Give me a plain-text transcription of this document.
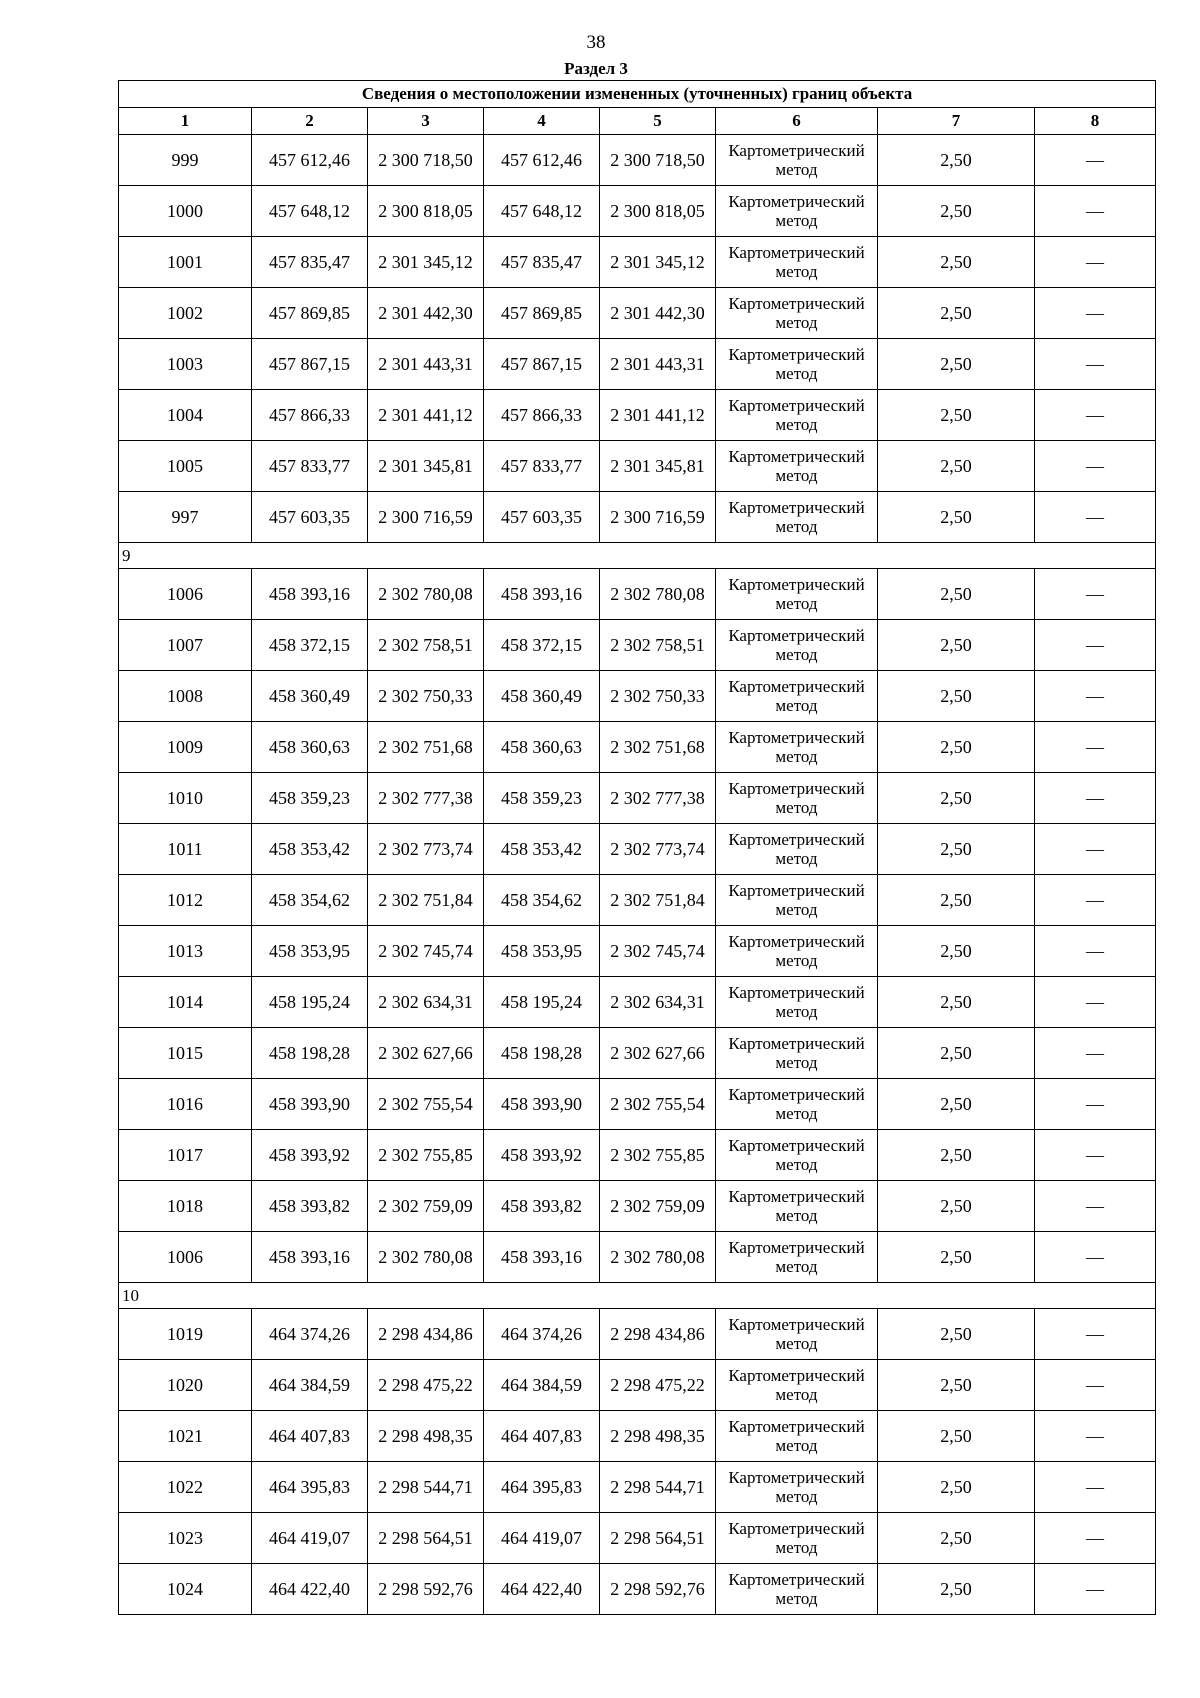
38
Раздел 3
Сведения о местоположении измененных (уточненных) границ объекта							
1	2	3	4	5	6	7	8
999	457 612,46	2 300 718,50	457 612,46	2 300 718,50	Картометрический метод	2,50	—
1000	457 648,12	2 300 818,05	457 648,12	2 300 818,05	Картометрический метод	2,50	—
1001	457 835,47	2 301 345,12	457 835,47	2 301 345,12	Картометрический метод	2,50	—
1002	457 869,85	2 301 442,30	457 869,85	2 301 442,30	Картометрический метод	2,50	—
1003	457 867,15	2 301 443,31	457 867,15	2 301 443,31	Картометрический метод	2,50	—
1004	457 866,33	2 301 441,12	457 866,33	2 301 441,12	Картометрический метод	2,50	—
1005	457 833,77	2 301 345,81	457 833,77	2 301 345,81	Картометрический метод	2,50	—
997	457 603,35	2 300 716,59	457 603,35	2 300 716,59	Картометрический метод	2,50	—
9							
1006	458 393,16	2 302 780,08	458 393,16	2 302 780,08	Картометрический метод	2,50	—
1007	458 372,15	2 302 758,51	458 372,15	2 302 758,51	Картометрический метод	2,50	—
1008	458 360,49	2 302 750,33	458 360,49	2 302 750,33	Картометрический метод	2,50	—
1009	458 360,63	2 302 751,68	458 360,63	2 302 751,68	Картометрический метод	2,50	—
1010	458 359,23	2 302 777,38	458 359,23	2 302 777,38	Картометрический метод	2,50	—
1011	458 353,42	2 302 773,74	458 353,42	2 302 773,74	Картометрический метод	2,50	—
1012	458 354,62	2 302 751,84	458 354,62	2 302 751,84	Картометрический метод	2,50	—
1013	458 353,95	2 302 745,74	458 353,95	2 302 745,74	Картометрический метод	2,50	—
1014	458 195,24	2 302 634,31	458 195,24	2 302 634,31	Картометрический метод	2,50	—
1015	458 198,28	2 302 627,66	458 198,28	2 302 627,66	Картометрический метод	2,50	—
1016	458 393,90	2 302 755,54	458 393,90	2 302 755,54	Картометрический метод	2,50	—
1017	458 393,92	2 302 755,85	458 393,92	2 302 755,85	Картометрический метод	2,50	—
1018	458 393,82	2 302 759,09	458 393,82	2 302 759,09	Картометрический метод	2,50	—
1006	458 393,16	2 302 780,08	458 393,16	2 302 780,08	Картометрический метод	2,50	—
10							
1019	464 374,26	2 298 434,86	464 374,26	2 298 434,86	Картометрический метод	2,50	—
1020	464 384,59	2 298 475,22	464 384,59	2 298 475,22	Картометрический метод	2,50	—
1021	464 407,83	2 298 498,35	464 407,83	2 298 498,35	Картометрический метод	2,50	—
1022	464 395,83	2 298 544,71	464 395,83	2 298 544,71	Картометрический метод	2,50	—
1023	464 419,07	2 298 564,51	464 419,07	2 298 564,51	Картометрический метод	2,50	—
1024	464 422,40	2 298 592,76	464 422,40	2 298 592,76	Картометрический метод	2,50	—
